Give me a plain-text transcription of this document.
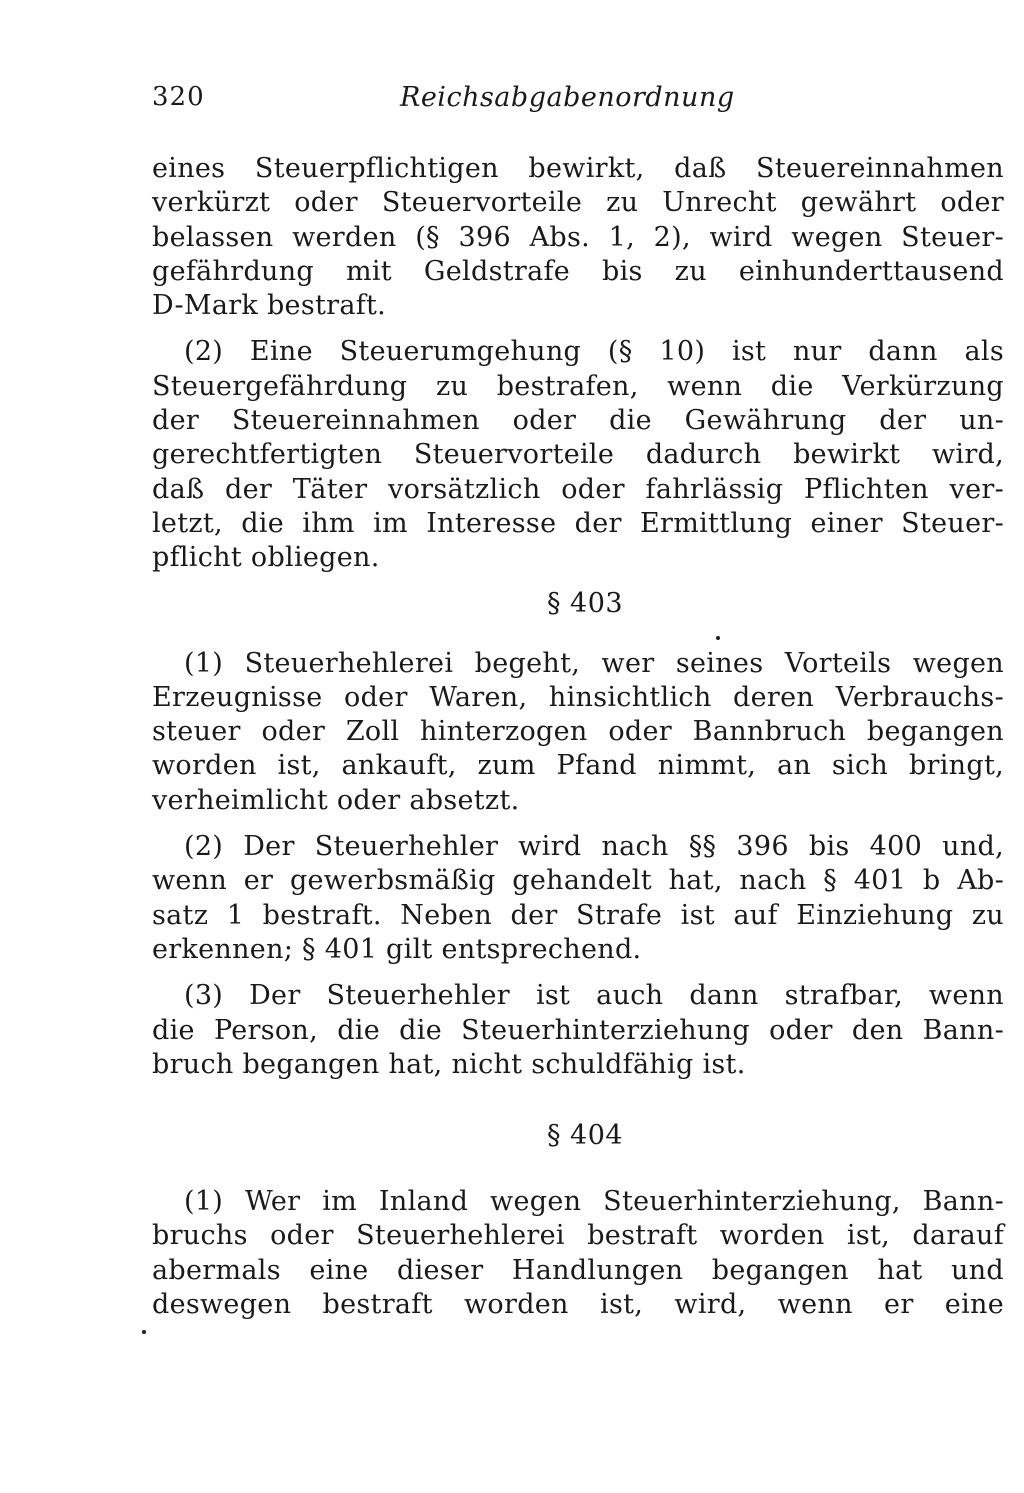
320	Reichsabgabenordnung

eines Steuerpflichtigen bewirkt, daß Steuereinnahmen
verkürzt oder Steuervorteile zu Unrecht gewährt oder
belassen werden (§ 396 Abs. 1, 2), wird wegen Steuer-
gefährdung mit Geldstrafe bis zu einhunderttausend
D-Mark bestraft.

(2) Eine Steuerumgehung (§ 10) ist nur dann als
Steuergefährdung zu bestrafen, wenn die Verkürzung
der Steuereinnahmen oder die Gewährung der un-
gerechtfertigten Steuervorteile dadurch bewirkt wird,
daß der Täter vorsätzlich oder fahrlässig Pflichten ver-
letzt, die ihm im Interesse der Ermittlung einer Steuer-
pflicht obliegen.

§ 403

(1) Steuerhehlerei begeht, wer seines Vorteils wegen
Erzeugnisse oder Waren, hinsichtlich deren Verbrauchs-
steuer oder Zoll hinterzogen oder Bannbruch begangen
worden ist, ankauft, zum Pfand nimmt, an sich bringt,
verheimlicht oder absetzt.

(2) Der Steuerhehler wird nach §§ 396 bis 400 und,
wenn er gewerbsmäßig gehandelt hat, nach § 401 b Ab-
satz 1 bestraft. Neben der Strafe ist auf Einziehung zu
erkennen; § 401 gilt entsprechend.

(3) Der Steuerhehler ist auch dann strafbar, wenn
die Person, die die Steuerhinterziehung oder den Bann-
bruch begangen hat, nicht schuldfähig ist.

§ 404

(1) Wer im Inland wegen Steuerhinterziehung, Bann-
bruchs oder Steuerhehlerei bestraft worden ist, darauf
abermals eine dieser Handlungen begangen hat und
deswegen bestraft worden ist, wird, wenn er eine
